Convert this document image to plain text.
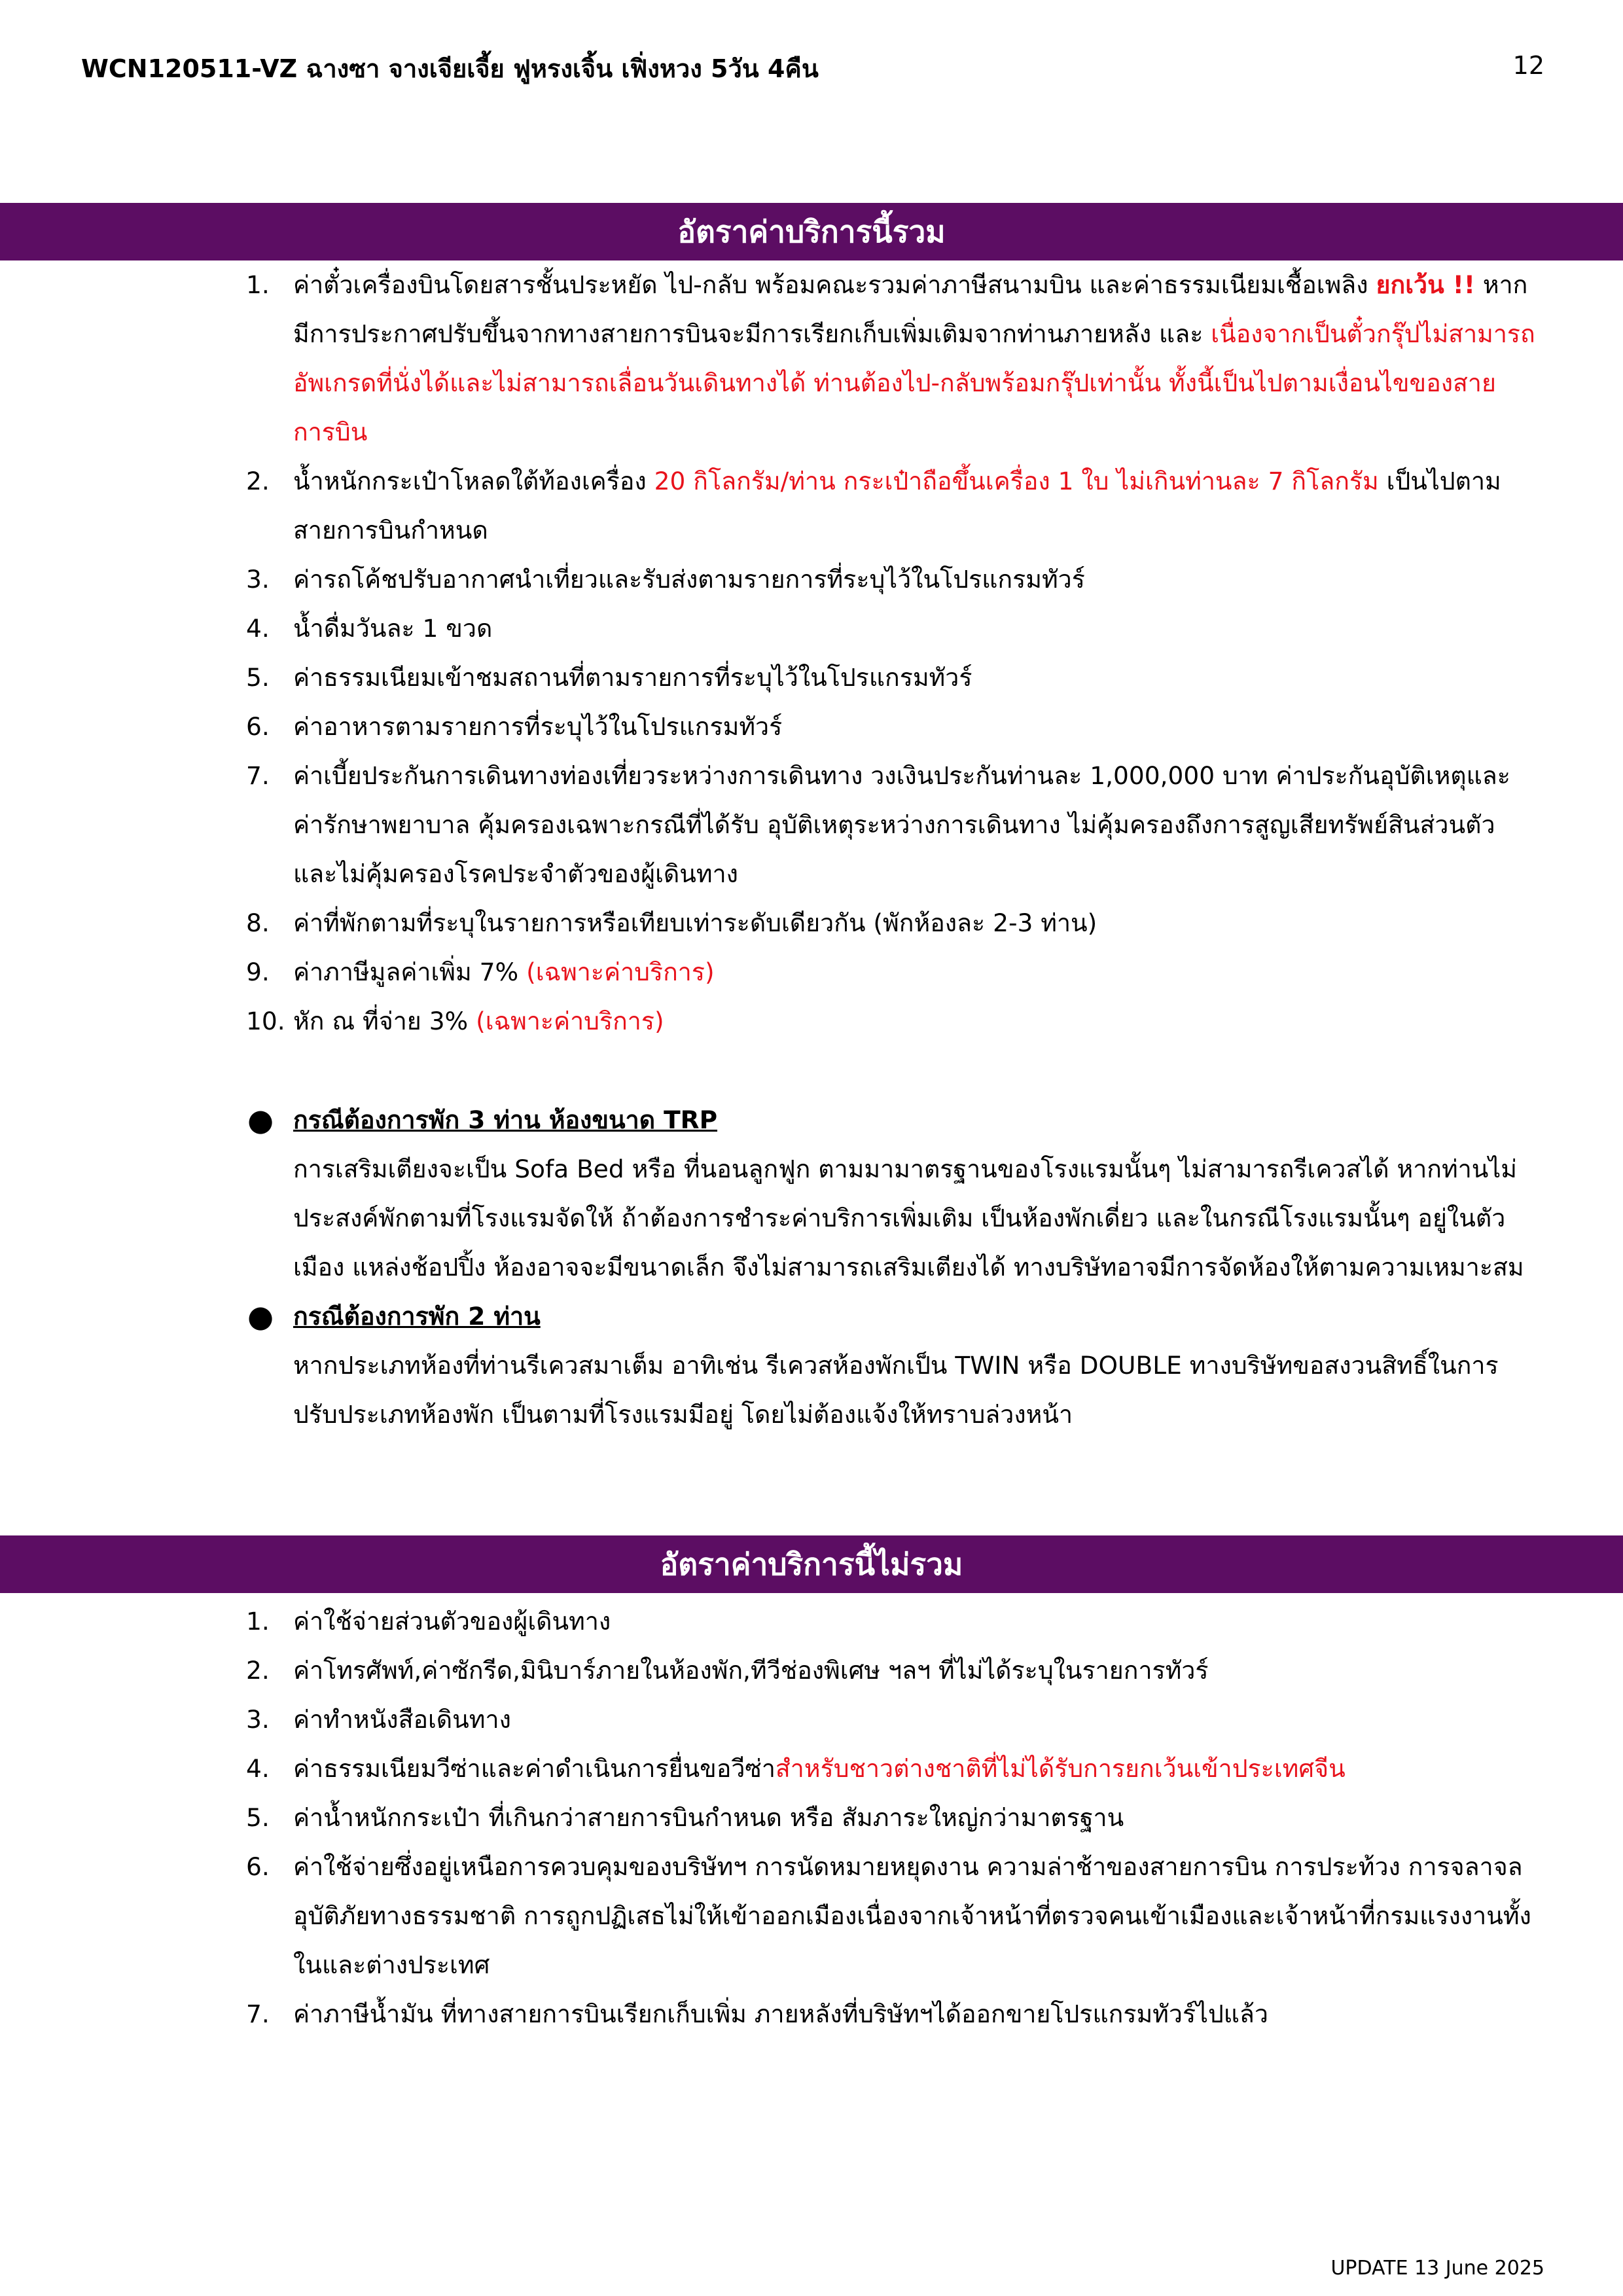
WCN120511-VZ ฉางซา จางเจียเจี้ย ฟูหรงเจิ้น เฟิ่งหวง 5วัน 4คืน	12
อัตราค่าบริการนี้รวม
1. ค่าตั๋วเครื่องบินโดยสารชั้นประหยัด ไป-กลับ พร้อมคณะรวมค่าภาษีสนามบิน และค่าธรรมเนียมเชื้อเพลิง ยกเว้น !! หากมีการประกาศปรับขึ้นจากทางสายการบินจะมีการเรียกเก็บเพิ่มเติมจากท่านภายหลัง และ เนื่องจากเป็นตั๋วกรุ๊ปไม่สามารถ อัพเกรดที่นั่งได้และไม่สามารถเลื่อนวันเดินทางได้ ท่านต้องไป-กลับพร้อมกรุ๊ปเท่านั้น ทั้งนี้เป็นไปตามเงื่อนไขของสายการบิน
2. น้ำหนักกระเป๋าโหลดใต้ท้องเครื่อง 20 กิโลกรัม/ท่าน กระเป๋าถือขึ้นเครื่อง 1 ใบ ไม่เกินท่านละ 7 กิโลกรัม เป็นไปตามสายการบินกำหนด
3. ค่ารถโค้ชปรับอากาศนำเที่ยวและรับส่งตามรายการที่ระบุไว้ในโปรแกรมทัวร์
4. น้ำดื่มวันละ 1 ขวด
5. ค่าธรรมเนียมเข้าชมสถานที่ตามรายการที่ระบุไว้ในโปรแกรมทัวร์
6. ค่าอาหารตามรายการที่ระบุไว้ในโปรแกรมทัวร์
7. ค่าเบี้ยประกันการเดินทางท่องเที่ยวระหว่างการเดินทาง วงเงินประกันท่านละ 1,000,000 บาท ค่าประกันอุบัติเหตุและค่ารักษาพยาบาล คุ้มครองเฉพาะกรณีที่ได้รับ อุบัติเหตุระหว่างการเดินทาง ไม่คุ้มครองถึงการสูญเสียทรัพย์สินส่วนตัวและไม่คุ้มครองโรคประจำตัวของผู้เดินทาง
8. ค่าที่พักตามที่ระบุในรายการหรือเทียบเท่าระดับเดียวกัน (พักห้องละ 2-3 ท่าน)
9. ค่าภาษีมูลค่าเพิ่ม 7% (เฉพาะค่าบริการ)
10. หัก ณ ที่จ่าย 3% (เฉพาะค่าบริการ)
● กรณีต้องการพัก 3 ท่าน ห้องขนาด TRP
การเสริมเตียงจะเป็น Sofa Bed หรือ ที่นอนลูกฟูก ตามมามาตรฐานของโรงแรมนั้นๆ ไม่สามารถรีเควสได้ หากท่านไม่ประสงค์พักตามที่โรงแรมจัดให้ ถ้าต้องการชำระค่าบริการเพิ่มเติม เป็นห้องพักเดี่ยว และในกรณีโรงแรมนั้นๆ อยู่ในตัวเมือง แหล่งช้อปปิ้ง ห้องอาจจะมีขนาดเล็ก จึงไม่สามารถเสริมเตียงได้ ทางบริษัทอาจมีการจัดห้องให้ตามความเหมาะสม
● กรณีต้องการพัก 2 ท่าน
หากประเภทห้องที่ท่านรีเควสมาเต็ม อาทิเช่น รีเควสห้องพักเป็น TWIN หรือ DOUBLE ทางบริษัทขอสงวนสิทธิ์ในการปรับประเภทห้องพัก เป็นตามที่โรงแรมมีอยู่ โดยไม่ต้องแจ้งให้ทราบล่วงหน้า
อัตราค่าบริการนี้ไม่รวม
1. ค่าใช้จ่ายส่วนตัวของผู้เดินทาง
2. ค่าโทรศัพท์,ค่าซักรีด,มินิบาร์ภายในห้องพัก,ทีวีช่องพิเศษ ฯลฯ ที่ไม่ได้ระบุในรายการทัวร์
3. ค่าทำหนังสือเดินทาง
4. ค่าธรรมเนียมวีซ่าและค่าดำเนินการยื่นขอวีซ่าสำหรับชาวต่างชาติที่ไม่ได้รับการยกเว้นเข้าประเทศจีน
5. ค่าน้ำหนักกระเป๋า ที่เกินกว่าสายการบินกำหนด หรือ สัมภาระใหญ่กว่ามาตรฐาน
6. ค่าใช้จ่ายซึ่งอยู่เหนือการควบคุมของบริษัทฯ การนัดหมายหยุดงาน ความล่าช้าของสายการบิน การประท้วง การจลาจล อุบัติภัยทางธรรมชาติ การถูกปฏิเสธไม่ให้เข้าออกเมืองเนื่องจากเจ้าหน้าที่ตรวจคนเข้าเมืองและเจ้าหน้าที่กรมแรงงานทั้งในและต่างประเทศ
7. ค่าภาษีน้ำมัน ที่ทางสายการบินเรียกเก็บเพิ่ม ภายหลังที่บริษัทฯได้ออกขายโปรแกรมทัวร์ไปแล้ว
UPDATE 13 June 2025
